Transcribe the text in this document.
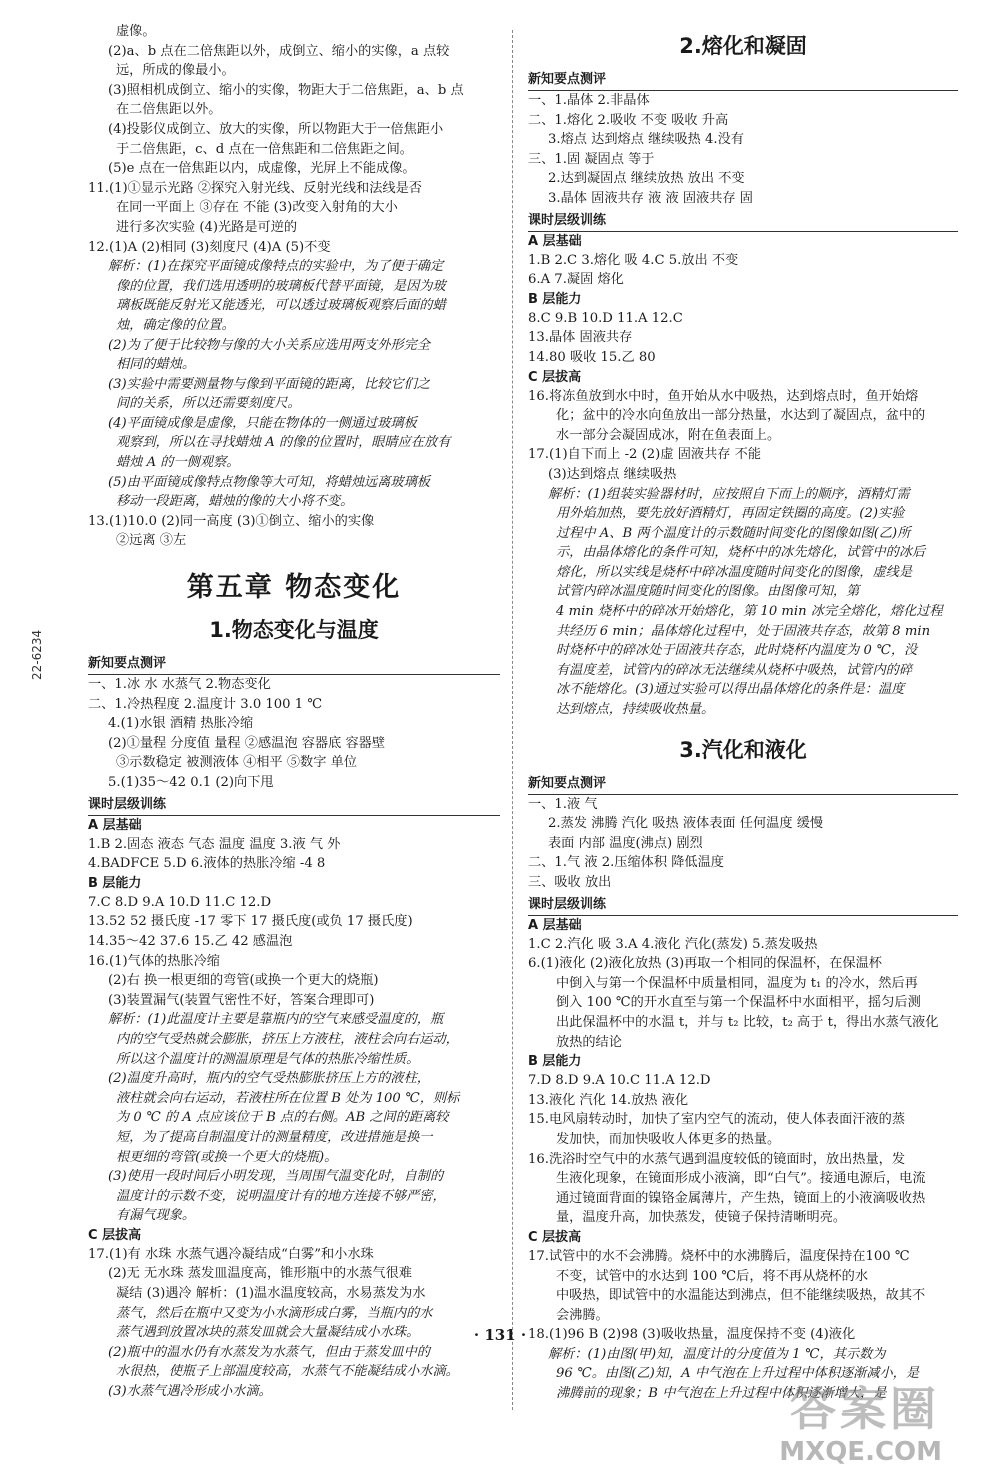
虚像。
(2)a、b 点在二倍焦距以外，成倒立、缩小的实像，a 点较
远，所成的像最小。
(3)照相机成倒立、缩小的实像，物距大于二倍焦距，a、b 点
在二倍焦距以外。
(4)投影仪成倒立、放大的实像，所以物距大于一倍焦距小
于二倍焦距，c、d 点在一倍焦距和二倍焦距之间。
(5)e 点在一倍焦距以内，成虚像，光屏上不能成像。
11.(1)①显示光路 ②探究入射光线、反射光线和法线是否
在同一平面上 ③存在 不能 (3)改变入射角的大小
进行多次实验 (4)光路是可逆的
12.(1)A (2)相同 (3)刻度尺 (4)A (5)不变
解析：(1)在探究平面镜成像特点的实验中，为了便于确定
像的位置，我们选用透明的玻璃板代替平面镜，是因为玻
璃板既能反射光又能透光，可以透过玻璃板观察后面的蜡
烛，确定像的位置。
(2)为了便于比较物与像的大小关系应选用两支外形完全
相同的蜡烛。
(3)实验中需要测量物与像到平面镜的距离，比较它们之
间的关系，所以还需要刻度尺。
(4)平面镜成像是虚像，只能在物体的一侧通过玻璃板
观察到，所以在寻找蜡烛 A 的像的位置时，眼睛应在放有
蜡烛 A 的一侧观察。
(5)由平面镜成像特点物像等大可知，将蜡烛远离玻璃板
移动一段距离，蜡烛的像的大小将不变。
13.(1)10.0 (2)同一高度 (3)①倒立、缩小的实像
②远离 ③左
第五章 物态变化
1.物态变化与温度
新知要点测评
一、1.冰 水 水蒸气 2.物态变化
二、1.冷热程度 2.温度计 3.0 100 1 ℃
4.(1)水银 酒精 热胀冷缩
(2)①量程 分度值 量程 ②感温泡 容器底 容器壁
③示数稳定 被测液体 ④相平 ⑤数字 单位
5.(1)35～42 0.1 (2)向下甩
课时层级训练
A 层基础
1.B 2.固态 液态 气态 温度 温度 3.液 气 外
4.BADFCE 5.D 6.液体的热胀冷缩 -4 8
B 层能力
7.C 8.D 9.A 10.D 11.C 12.D
13.52 52 摄氏度 -17 零下 17 摄氏度(或负 17 摄氏度)
14.35～42 37.6 15.乙 42 感温泡
16.(1)气体的热胀冷缩
(2)右 换一根更细的弯管(或换一个更大的烧瓶)
(3)装置漏气(装置气密性不好，答案合理即可)
解析：(1)此温度计主要是靠瓶内的空气来感受温度的，瓶
内的空气受热就会膨胀，挤压上方液柱，液柱会向右运动，
所以这个温度计的测温原理是气体的热胀冷缩性质。
(2)温度升高时，瓶内的空气受热膨胀挤压上方的液柱，
液柱就会向右运动，若液柱所在位置 B 处为 100 ℃，则标
为 0 ℃ 的 A 点应该位于 B 点的右侧。AB 之间的距离较
短，为了提高自制温度计的测量精度，改进措施是换一
根更细的弯管(或换一个更大的烧瓶)。
(3)使用一段时间后小明发现，当周围气温变化时，自制的
温度计的示数不变，说明温度计有的地方连接不够严密，
有漏气现象。
C 层拔高
17.(1)有 水珠 水蒸气遇冷凝结成“白雾”和小水珠
(2)无 无水珠 蒸发皿温度高，锥形瓶中的水蒸气很难
凝结 (3)遇冷 解析：(1)温水温度较高，水易蒸发为水
蒸气，然后在瓶中又变为小水滴形成白雾，当瓶内的水
蒸气遇到放置冰块的蒸发皿就会大量凝结成小水珠。
(2)瓶中的温水仍有水蒸发为水蒸气，但由于蒸发皿中的
水很热，使瓶子上部温度较高，水蒸气不能凝结成小水滴。
(3)水蒸气遇冷形成小水滴。
2.熔化和凝固
新知要点测评
一、1.晶体 2.非晶体
二、1.熔化 2.吸收 不变 吸收 升高
3.熔点 达到熔点 继续吸热 4.没有
三、1.固 凝固点 等于
2.达到凝固点 继续放热 放出 不变
3.晶体 固液共存 液 液 固液共存 固
课时层级训练
A 层基础
1.B 2.C 3.熔化 吸 4.C 5.放出 不变
6.A 7.凝固 熔化
B 层能力
8.C 9.B 10.D 11.A 12.C
13.晶体 固液共存
14.80 吸收 15.乙 80
C 层拔高
16.将冻鱼放到水中时，鱼开始从水中吸热，达到熔点时，鱼开始熔
化；盆中的冷水向鱼放出一部分热量，水达到了凝固点，盆中的
水一部分会凝固成冰，附在鱼表面上。
17.(1)自下而上 -2 (2)虚 固液共存 不能
(3)达到熔点 继续吸热
解析：(1)组装实验器材时，应按照自下而上的顺序，酒精灯需
用外焰加热，要先放好酒精灯，再固定铁圈的高度。(2)实验
过程中 A、B 两个温度计的示数随时间变化的图像如图(乙)所
示，由晶体熔化的条件可知，烧杯中的冰先熔化，试管中的冰后
熔化，所以实线是烧杯中碎冰温度随时间变化的图像，虚线是
试管内碎冰温度随时间变化的图像。由图像可知，第
4 min 烧杯中的碎冰开始熔化，第 10 min 冰完全熔化，熔化过程
共经历 6 min；晶体熔化过程中，处于固液共存态，故第 8 min
时烧杯中的碎冰处于固液共存态，此时烧杯内温度为 0 ℃，没
有温度差，试管内的碎冰无法继续从烧杯中吸热，试管内的碎
冰不能熔化。(3)通过实验可以得出晶体熔化的条件是：温度
达到熔点，持续吸收热量。
3.汽化和液化
新知要点测评
一、1.液 气
2.蒸发 沸腾 汽化 吸热 液体表面 任何温度 缓慢
表面 内部 温度(沸点) 剧烈
二、1.气 液 2.压缩体积 降低温度
三、吸收 放出
课时层级训练
A 层基础
1.C 2.汽化 吸 3.A 4.液化 汽化(蒸发) 5.蒸发吸热
6.(1)液化 (2)液化放热 (3)再取一个相同的保温杯，在保温杯
中倒入与第一个保温杯中质量相同，温度为 t₁ 的冷水，然后再
倒入 100 ℃的开水直至与第一个保温杯中水面相平，摇匀后测
出此保温杯中的水温 t，并与 t₂ 比较，t₂ 高于 t，得出水蒸气液化
放热的结论
B 层能力
7.D 8.D 9.A 10.C 11.A 12.D
13.液化 汽化 14.放热 液化
15.电风扇转动时，加快了室内空气的流动，使人体表面汗液的蒸
发加快，而加快吸收人体更多的热量。
16.洗浴时空气中的水蒸气遇到温度较低的镜面时，放出热量，发
生液化现象，在镜面形成小液滴，即“白气”。接通电源后，电流
通过镜面背面的镍铬金属薄片，产生热，镜面上的小液滴吸收热
量，温度升高，加快蒸发，使镜子保持清晰明亮。
C 层拔高
17.试管中的水不会沸腾。烧杯中的水沸腾后，温度保持在100 ℃
不变，试管中的水达到 100 ℃后，将不再从烧杯的水
中吸热，即试管中的水温能达到沸点，但不能继续吸热，故其不
会沸腾。
18.(1)96 B (2)98 (3)吸收热量，温度保持不变 (4)液化
解析：(1)由图(甲)知，温度计的分度值为 1 ℃，其示数为
96 ℃。由图(乙)知，A 中气泡在上升过程中体积逐渐减小，是
沸腾前的现象；B 中气泡在上升过程中体积逐渐增大，是
22-6234
· 131 ·
答案圈
MXQE.COM
